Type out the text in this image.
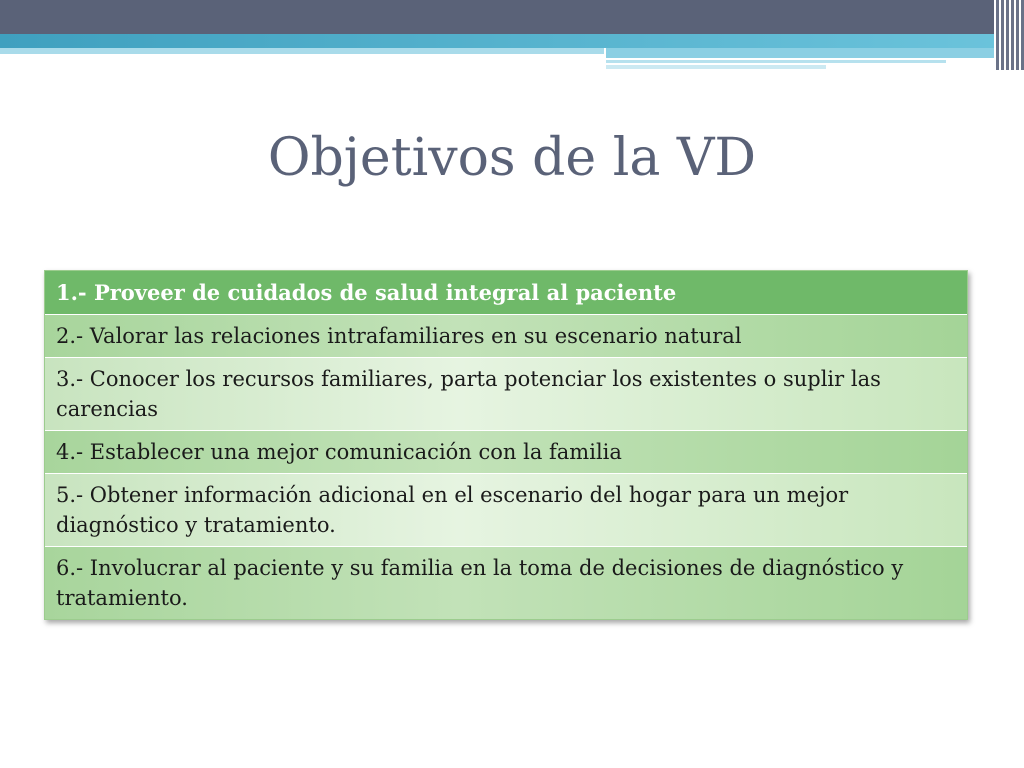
Objetivos de la VD
1.- Proveer de cuidados de salud integral al paciente
2.- Valorar las relaciones intrafamiliares en su escenario natural
3.- Conocer los recursos familiares, parta potenciar los existentes o suplir las carencias
4.- Establecer una mejor comunicación con la familia
5.- Obtener información adicional en el escenario del hogar para un mejor diagnóstico y tratamiento.
6.- Involucrar al paciente y su familia en la toma de decisiones de diagnóstico y tratamiento.
